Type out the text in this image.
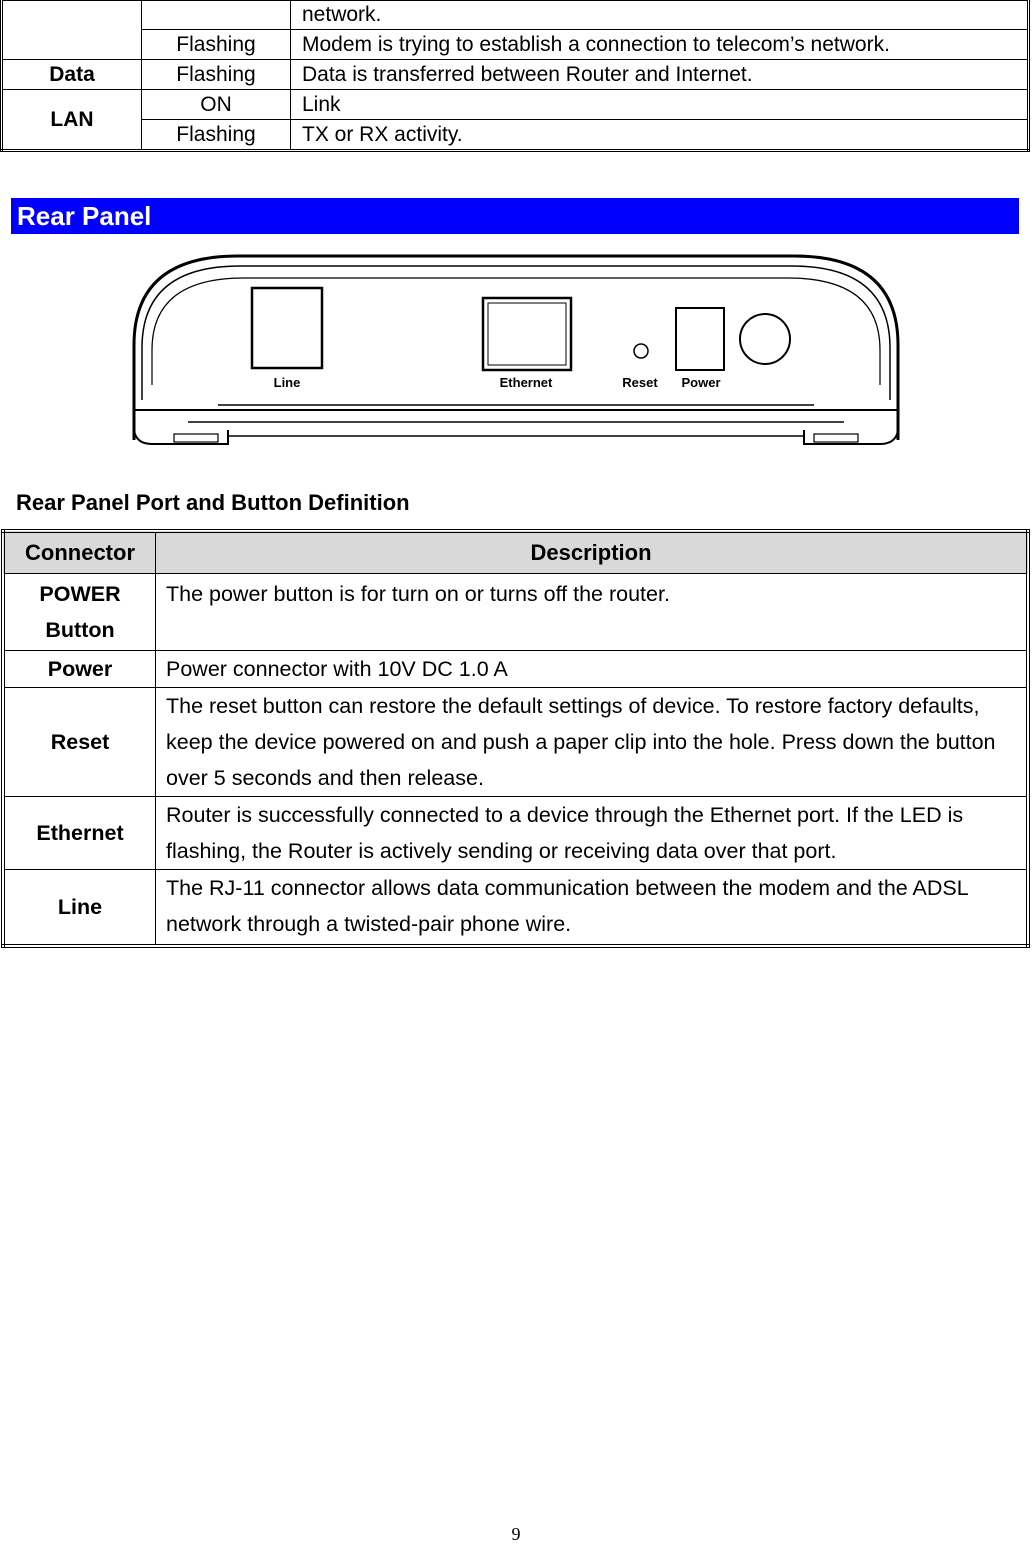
		network.
	Flashing	Modem is trying to establish a connection to telecom’s network.
Data	Flashing	Data is transferred between Router and Internet.
LAN	ON	Link
	Flashing	TX or RX activity.
Rear Panel
Line	Ethernet	Reset Power
Rear Panel Port and Button Definition
Connector	Description
POWER Button	The power button is for turn on or turns off the router.
Power	Power connector with 10V DC 1.0 A
Reset	The reset button can restore the default settings of device. To restore factory defaults, keep the device powered on and push a paper clip into the hole. Press down the button over 5 seconds and then release.
Ethernet	Router is successfully connected to a device through the Ethernet port. If the LED is flashing, the Router is actively sending or receiving data over that port.
Line	The RJ-11 connector allows data communication between the modem and the ADSL network through a twisted-pair phone wire.
9
